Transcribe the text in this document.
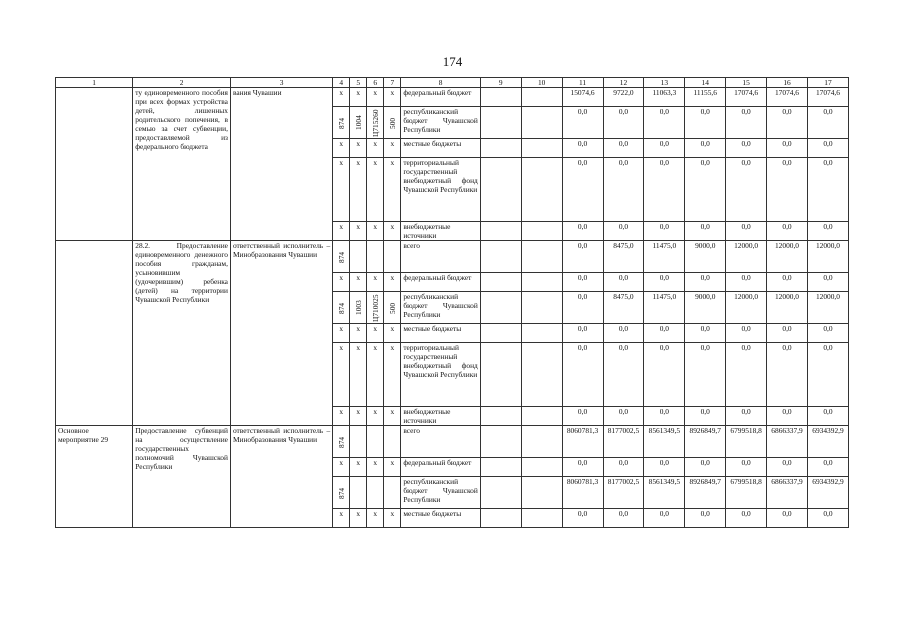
174
1	2	3	4	5	6	7	8	9	10	11	12	13	14	15	16	17
	ту единовременного пособия при всех формах устройства детей, лишенных родительского попечения, в семью за счет субвенции, предоставляемой из федерального бюджета	вания Чувашии	x	x	x	x	федеральный бюджет			15074,6	9722,0	11063,3	11155,6	17074,6	17074,6	17074,6
			874	1004	Ц715260	500	республиканский бюджет Чувашской Республики			0,0	0,0	0,0	0,0	0,0	0,0	0,0
			x	x	x	x	местные бюджеты			0,0	0,0	0,0	0,0	0,0	0,0	0,0
			x	x	x	x	территориальный государственный внебюджетный фонд Чувашской Республики			0,0	0,0	0,0	0,0	0,0	0,0	0,0
			x	x	x	x	внебюджетные источники			0,0	0,0	0,0	0,0	0,0	0,0	0,0
	28.2. Предоставление единовременного денежного пособия гражданам, усыновившим (удочерившим) ребенка (детей) на территории Чувашской Республики	ответственный исполнитель – Минобразования Чувашии	874				всего			0,0	8475,0	11475,0	9000,0	12000,0	12000,0	12000,0
			x	x	x	x	федеральный бюджет			0,0	0,0	0,0	0,0	0,0	0,0	0,0
			874	1003	Ц710025	500	республиканский бюджет Чувашской Республики			0,0	8475,0	11475,0	9000,0	12000,0	12000,0	12000,0
			x	x	x	x	местные бюджеты			0,0	0,0	0,0	0,0	0,0	0,0	0,0
			x	x	x	x	территориальный государственный внебюджетный фонд Чувашской Республики			0,0	0,0	0,0	0,0	0,0	0,0	0,0
			x	x	x	x	внебюджетные источники			0,0	0,0	0,0	0,0	0,0	0,0	0,0
Основное мероприятие 29	Предоставление субвенций на осуществление государственных полномочий Чувашской Республики	ответственный исполнитель – Минобразования Чувашии	874				всего			8060781,3	8177002,5	8561349,5	8926849,7	6799518,8	6866337,9	6934392,9
			x	x	x	x	федеральный бюджет			0,0	0,0	0,0	0,0	0,0	0,0	0,0
			874				республиканский бюджет Чувашской Республики			8060781,3	8177002,5	8561349,5	8926849,7	6799518,8	6866337,9	6934392,9
			x	x	x	x	местные бюджеты			0,0	0,0	0,0	0,0	0,0	0,0	0,0
